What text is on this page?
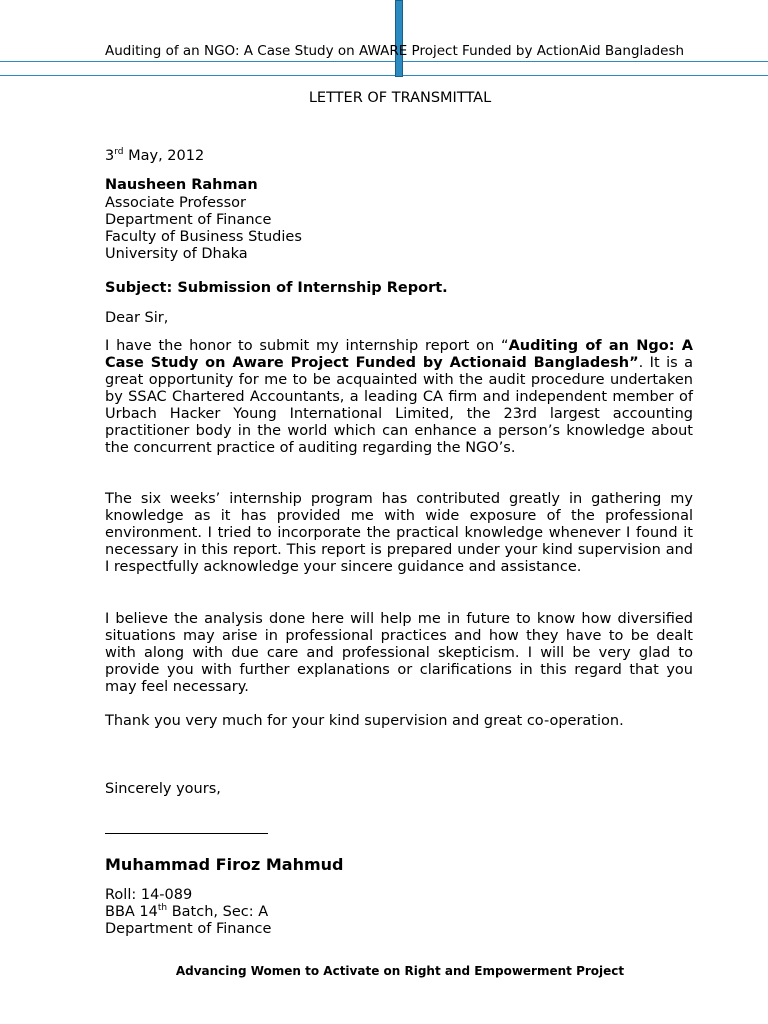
Auditing of an NGO: A Case Study on AWARE Project Funded by ActionAid Bangladesh
LETTER OF TRANSMITTAL
3rd May, 2012
Nausheen Rahman
Associate Professor
Department of Finance
Faculty of Business Studies
University of Dhaka
Subject: Submission of Internship Report.
Dear Sir,
I have the honor to submit my internship report on “Auditing of an Ngo: A Case Study on Aware Project Funded by Actionaid Bangladesh”. It is a great opportunity for me to be acquainted with the audit procedure undertaken by SSAC Chartered Accountants, a leading CA firm and independent member of Urbach Hacker Young International Limited, the 23rd largest accounting practitioner body in the world which can enhance a person’s knowledge about the concurrent practice of auditing regarding the NGO’s.
The six weeks’ internship program has contributed greatly in gathering my knowledge as it has provided me with wide exposure of the professional environment. I tried to incorporate the practical knowledge whenever I found it necessary in this report. This report is prepared under your kind supervision and I respectfully acknowledge your sincere guidance and assistance.
I believe the analysis done here will help me in future to know how diversified situations may arise in professional practices and how they have to be dealt with along with due care and professional skepticism. I will be very glad to provide you with further explanations or clarifications in this regard that you may feel necessary.
Thank you very much for your kind supervision and great co-operation.
Sincerely yours,
Muhammad Firoz Mahmud
Roll: 14-089
BBA 14th Batch, Sec: A
Department of Finance
Advancing Women to Activate on Right and Empowerment Project
